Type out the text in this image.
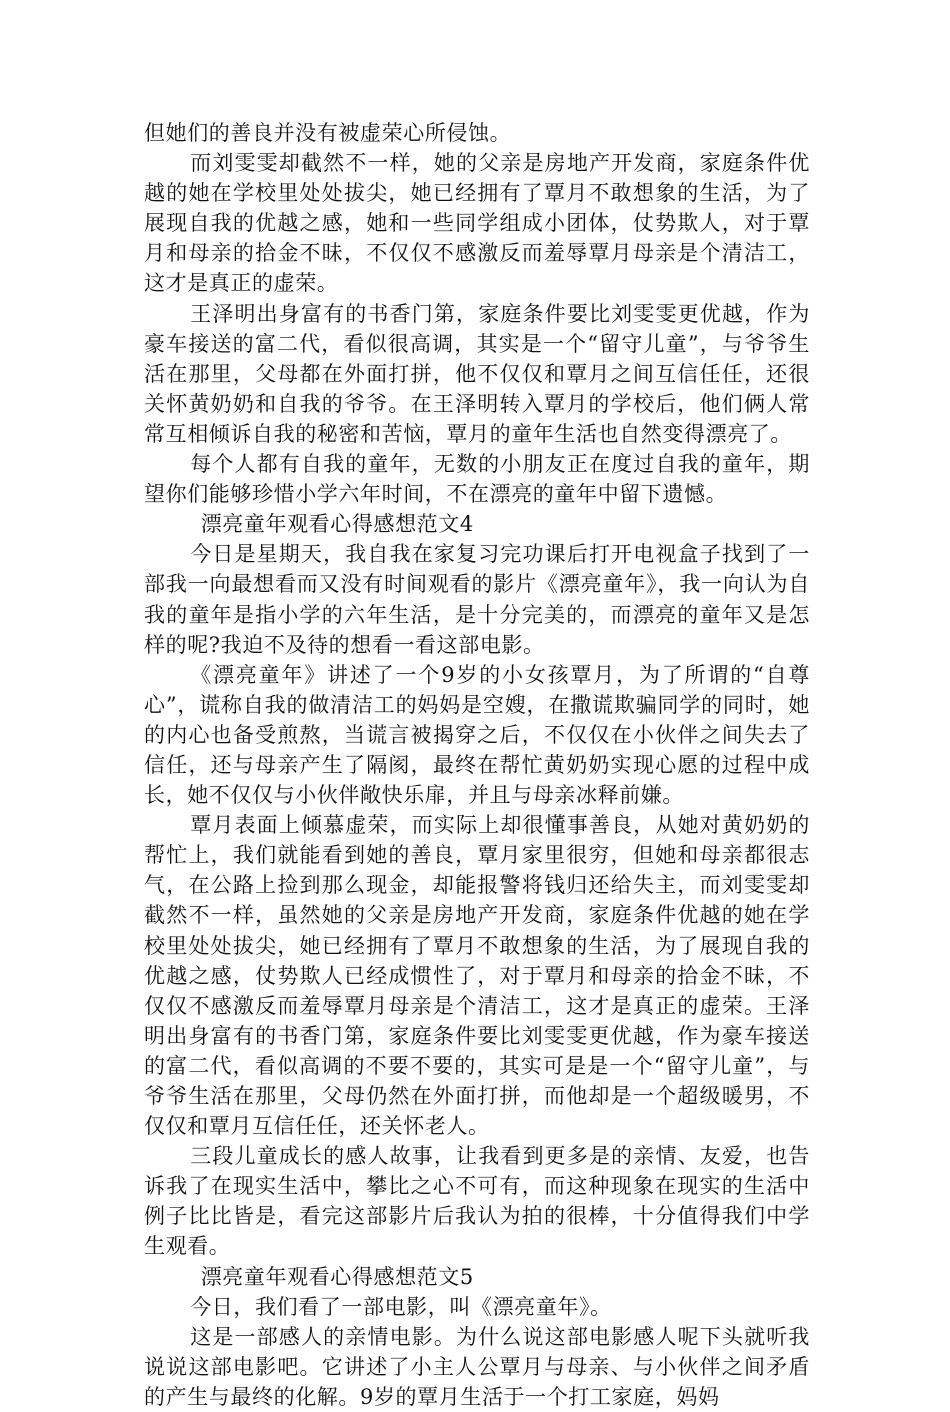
但她们的善良并没有被虚荣心所侵蚀。

而刘雯雯却截然不一样，她的父亲是房地产开发商，家庭条件优越的她在学校里处处拔尖，她已经拥有了覃月不敢想象的生活，为了展现自我的优越之感，她和一些同学组成小团体，仗势欺人，对于覃月和母亲的拾金不昧，不仅仅不感激反而羞辱覃月母亲是个清洁工，这才是真正的虚荣。

王泽明出身富有的书香门第，家庭条件要比刘雯雯更优越，作为豪车接送的富二代，看似很高调，其实是一个“留守儿童”，与爷爷生活在那里，父母都在外面打拼，他不仅仅和覃月之间互信任任，还很关怀黄奶奶和自我的爷爷。在王泽明转入覃月的学校后，他们俩人常常互相倾诉自我的秘密和苦恼，覃月的童年生活也自然变得漂亮了。

每个人都有自我的童年，无数的小朋友正在度过自我的童年，期望你们能够珍惜小学六年时间，不在漂亮的童年中留下遗憾。

漂亮童年观看心得感想范文4

今日是星期天，我自我在家复习完功课后打开电视盒子找到了一部我一向最想看而又没有时间观看的影片《漂亮童年》，我一向认为自我的童年是指小学的六年生活，是十分完美的，而漂亮的童年又是怎样的呢?我迫不及待的想看一看这部电影。

《漂亮童年》讲述了一个9岁的小女孩覃月，为了所谓的“自尊心”，谎称自我的做清洁工的妈妈是空嫂，在撒谎欺骗同学的同时，她的内心也备受煎熬，当谎言被揭穿之后，不仅仅在小伙伴之间失去了信任，还与母亲产生了隔阂，最终在帮忙黄奶奶实现心愿的过程中成长，她不仅仅与小伙伴敞快乐扉，并且与母亲冰释前嫌。

覃月表面上倾慕虚荣，而实际上却很懂事善良，从她对黄奶奶的帮忙上，我们就能看到她的善良，覃月家里很穷，但她和母亲都很志气，在公路上捡到那么现金，却能报警将钱归还给失主，而刘雯雯却截然不一样，虽然她的父亲是房地产开发商，家庭条件优越的她在学校里处处拔尖，她已经拥有了覃月不敢想象的生活，为了展现自我的优越之感，仗势欺人已经成惯性了，对于覃月和母亲的拾金不昧，不仅仅不感激反而羞辱覃月母亲是个清洁工，这才是真正的虚荣。王泽明出身富有的书香门第，家庭条件要比刘雯雯更优越，作为豪车接送的富二代，看似高调的不要不要的，其实可是是一个“留守儿童”，与爷爷生活在那里，父母仍然在外面打拼，而他却是一个超级暖男，不仅仅和覃月互信任任，还关怀老人。

三段儿童成长的感人故事，让我看到更多是的亲情、友爱，也告诉我了在现实生活中，攀比之心不可有，而这种现象在现实的生活中例子比比皆是，看完这部影片后我认为拍的很棒，十分值得我们中学生观看。

漂亮童年观看心得感想范文5

今日，我们看了一部电影，叫《漂亮童年》。

这是一部感人的亲情电影。为什么说这部电影感人呢下头就听我说说这部电影吧。它讲述了小主人公覃月与母亲、与小伙伴之间矛盾的产生与最终的化解。9岁的覃月生活于一个打工家庭，妈妈
